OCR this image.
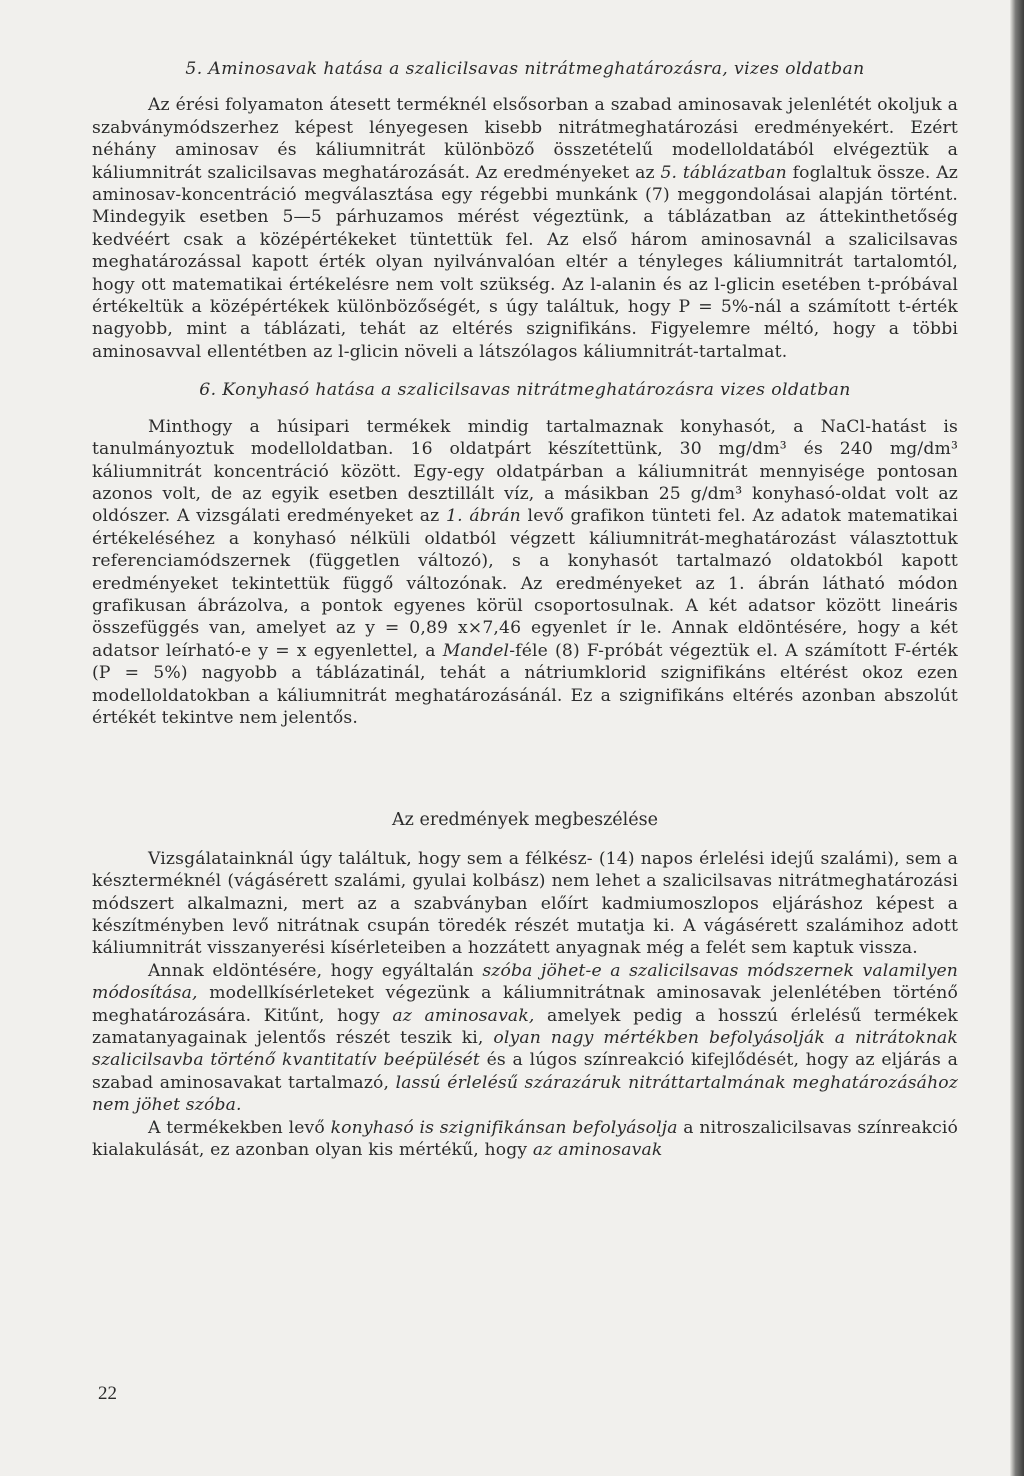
5. Aminosavak hatása a szalicilsavas nitrátmeghatározásra, vizes oldatban

Az érési folyamaton átesett terméknél elsősorban a szabad aminosavak jelenlétét okoljuk a szabványmódszerhez képest lényegesen kisebb nitrátmeghatározási eredményekért. Ezért néhány aminosav és káliumnitrát különböző összetételű modelloldatából elvégeztük a káliumnitrát szalicilsavas meghatározását. Az eredményeket az 5. táblázatban foglaltuk össze. Az aminosav-koncentráció megválasztása egy régebbi munkánk (7) meggondolásai alapján történt. Mindegyik esetben 5—5 párhuzamos mérést végeztünk, a táblázatban az áttekinthetőség kedvéért csak a középértékeket tüntettük fel. Az első három aminosavnál a szalicilsavas meghatározással kapott érték olyan nyilvánvalóan eltér a tényleges káliumnitrát tartalomtól, hogy ott matematikai értékelésre nem volt szükség. Az l-alanin és az l-glicin esetében t-próbával értékeltük a középértékek különbözőségét, s úgy találtuk, hogy P = 5%-nál a számított t-érték nagyobb, mint a táblázati, tehát az eltérés szignifikáns. Figyelemre méltó, hogy a többi aminosavval ellentétben az l-glicin növeli a látszólagos káliumnitrát-tartalmat.

6. Konyhasó hatása a szalicilsavas nitrátmeghatározásra vizes oldatban

Minthogy a húsipari termékek mindig tartalmaznak konyhasót, a NaCl-hatást is tanulmányoztuk modelloldatban. 16 oldatpárt készítettünk, 30 mg/dm³ és 240 mg/dm³ káliumnitrát koncentráció között. Egy-egy oldatpárban a káliumnitrát mennyisége pontosan azonos volt, de az egyik esetben desztillált víz, a másikban 25 g/dm³ konyhasó-oldat volt az oldószer. A vizsgálati eredményeket az 1. ábrán levő grafikon tünteti fel. Az adatok matematikai értékeléséhez a konyhasó nélküli oldatból végzett káliumnitrát-meghatározást választottuk referenciamódszernek (független változó), s a konyhasót tartalmazó oldatokból kapott eredményeket tekintettük függő változónak. Az eredményeket az 1. ábrán látható módon grafikusan ábrázolva, a pontok egyenes körül csoportosulnak. A két adatsor között lineáris összefüggés van, amelyet az y = 0,89 x×7,46 egyenlet ír le. Annak eldöntésére, hogy a két adatsor leírható-e y = x egyenlettel, a Mandel-féle (8) F-próbát végeztük el. A számított F-érték (P = 5%) nagyobb a táblázatinál, tehát a nátriumklorid szignifikáns eltérést okoz ezen modelloldatokban a káliumnitrát meghatározásánál. Ez a szignifikáns eltérés azonban abszolút értékét tekintve nem jelentős.

Az eredmények megbeszélése

Vizsgálatainknál úgy találtuk, hogy sem a félkész- (14) napos érlelési idejű szalámi), sem a készterméknél (vágásérett szalámi, gyulai kolbász) nem lehet a szalicilsavas nitrátmeghatározási módszert alkalmazni, mert az a szabványban előírt kadmiumoszlopos eljáráshoz képest a készítményben levő nitrátnak csupán töredék részét mutatja ki. A vágásérett szalámihoz adott káliumnitrát visszanyerési kísérleteiben a hozzátett anyagnak még a felét sem kaptuk vissza.

Annak eldöntésére, hogy egyáltalán szóba jöhet-e a szalicilsavas módszernek valamilyen módosítása, modellkísérleteket végezünk a káliumnitrátnak aminosavak jelenlétében történő meghatározására. Kitűnt, hogy az aminosavak, amelyek pedig a hosszú érlelésű termékek zamatanyagainak jelentős részét teszik ki, olyan nagy mértékben befolyásolják a nitrátoknak szalicilsavba történő kvantitatív beépülését és a lúgos színreakció kifejlődését, hogy az eljárás a szabad aminosavakat tartalmazó, lassú érlelésű szárazáruk nitráttartalmának meghatározásához nem jöhet szóba.

A termékekben levő konyhasó is szignifikánsan befolyásolja a nitroszalicilsavas színreakció kialakulását, ez azonban olyan kis mértékű, hogy az aminosavak

22
